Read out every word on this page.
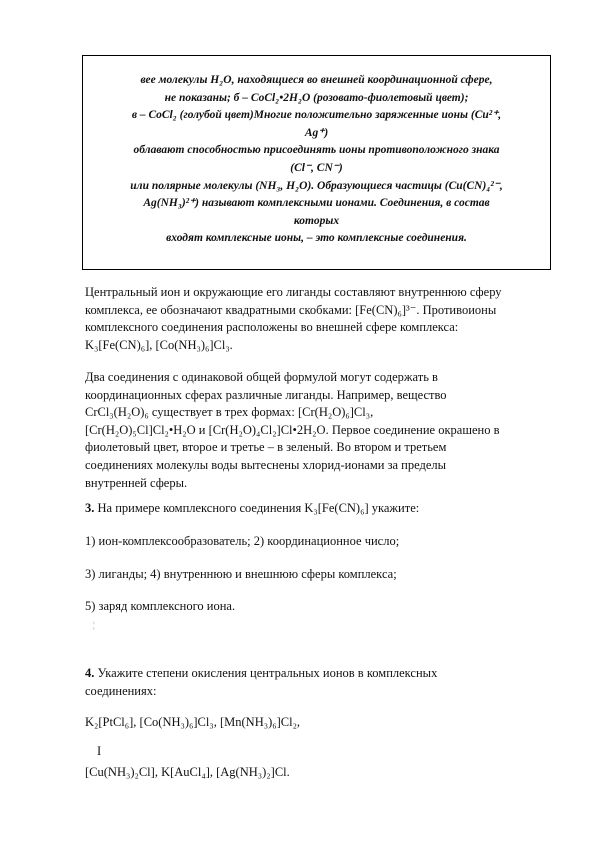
вее молекулы H₂O, находящиеся во внешней координационной сфере,

не показаны; б – CoCl₂•2H₂O (розовато-фиолетовый цвет);

в – CoCl₂ (голубой цвет)Многие положительно заряженные ионы (Cu²⁺,

Ag⁺)

облавают способностью присоединять ионы противоположного знака

(Cl⁻, CN⁻)

или полярные молекулы (NH₃, H₂O). Образующиеся частицы (Cu(CN)₄²⁻,

Ag(NH₃)²⁺) называют комплексными ионами. Соединения, в состав

которых

входят комплексные ионы, – это комплексные соединения.

Центральный ион и окружающие его лиганды составляют внутреннюю сферу

комплекса, ее обозначают квадратными скобками: [Fe(CN)₆]³⁻. Противоионы

комплексного соединения расположены во внешней сфере комплекса:

K₃[Fe(CN)₆], [Co(NH₃)₆]Cl₃.

Два соединения с одинаковой общей формулой могут содержать в

координационных сферах различные лиганды. Например, вещество

CrCl₃(H₂O)₆ существует в трех формах: [Cr(H₂O)₆]Cl₃,

[Cr(H₂O)₅Cl]Cl₂•H₂O и [Cr(H₂O)₄Cl₂]Cl•2H₂O. Первое соединение окрашено в

фиолетовый цвет, второе и третье – в зеленый. Во втором и третьем

соединениях молекулы воды вытеснены хлорид-ионами за пределы

внутренней сферы.

3. На примере комплексного соединения K₃[Fe(CN)₆] укажите:

1) ион-комплексообразователь; 2) координационное число;

3) лиганды; 4) внутреннюю и внешнюю сферы комплекса;

5) заряд комплексного иона.

¦

4. Укажите степени окисления центральных ионов в комплексных

соединениях:

K₂[PtCl₆], [Co(NH₃)₆]Cl₃, [Mn(NH₃)₆]Cl₂,

I

[Cu(NH₃)₂Cl], K[AuCl₄], [Ag(NH₃)₂]Cl.
